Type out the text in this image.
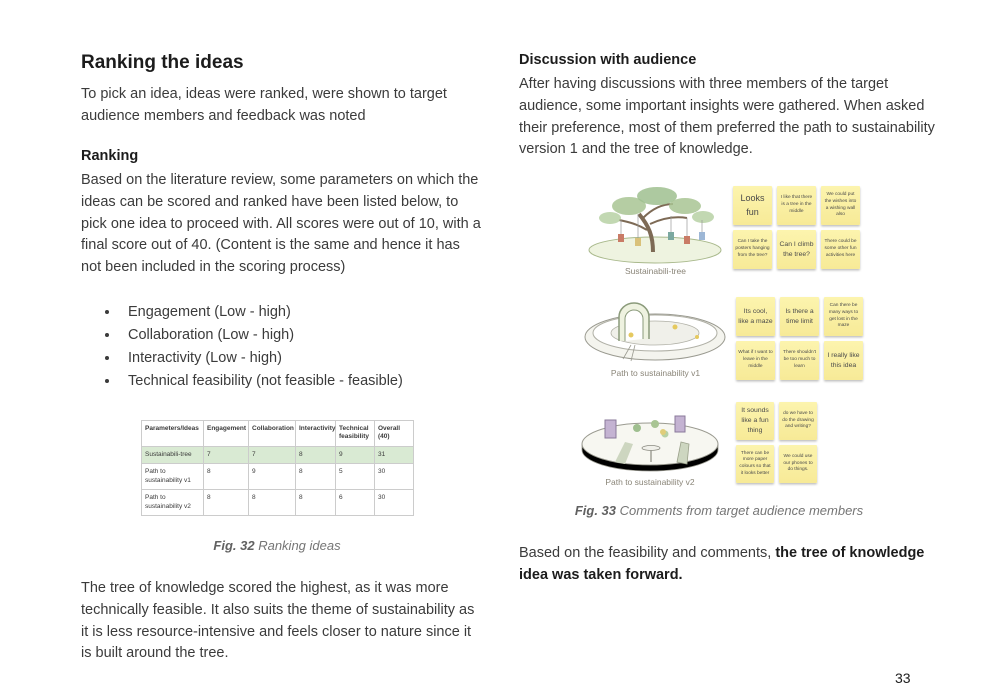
Ranking the ideas
To pick an idea, ideas were ranked, were shown to target audience members and feedback was noted
Ranking
Based on the literature review, some parameters on which the ideas can be scored and ranked have been listed below, to pick one idea to proceed with. All scores were out of 10, with a final score out of 40. (Content is the same and hence it has not been included in the scoring process)
• Engagement (Low - high)
• Collaboration (Low - high)
• Interactivity (Low - high)
• Technical feasibility (not feasible - feasible)
Parameters/Ideas	Engagement	Collaboration	Interactivity	Technical feasibility	Overall (40)
Sustainabili-tree	7	7	8	9	31
Path to sustainability v1	8	9	8	5	30
Path to sustainability v2	8	8	8	6	30
Fig. 32 Ranking ideas
The tree of knowledge scored the highest, as it was more technically feasible. It also suits the theme of sustainability as it is less resource-intensive and feels closer to nature since it is built around the tree.
Discussion with audience
After having discussions with three members of the target audience, some important insights were gathered. When asked their preference, most of them preferred the path to sustainability version 1 and the tree of knowledge.
Sustainabili-tree
Looks fun
I like that there is a tree in the middle
We could put the wishes into a wishing wall also
Can I take the posters hanging from the tree?
Can I climb the tree?
There could be some other fun activities here
Path to sustainability v1
Its cool, like a maze
Is there a time limit
Can there be many ways to get lost in the maze
What if I want to leave in the middle
There shouldn't be too much to learn
I really like this idea
Path to sustainability v2
It sounds like a fun thing
do we have to do the drawing and writing?
There can be more paper colours so that it looks better
We could use our phones to do things.
Fig. 33 Comments from target audience members
Based on the feasibility and comments, the tree of knowledge idea was taken forward.
33
